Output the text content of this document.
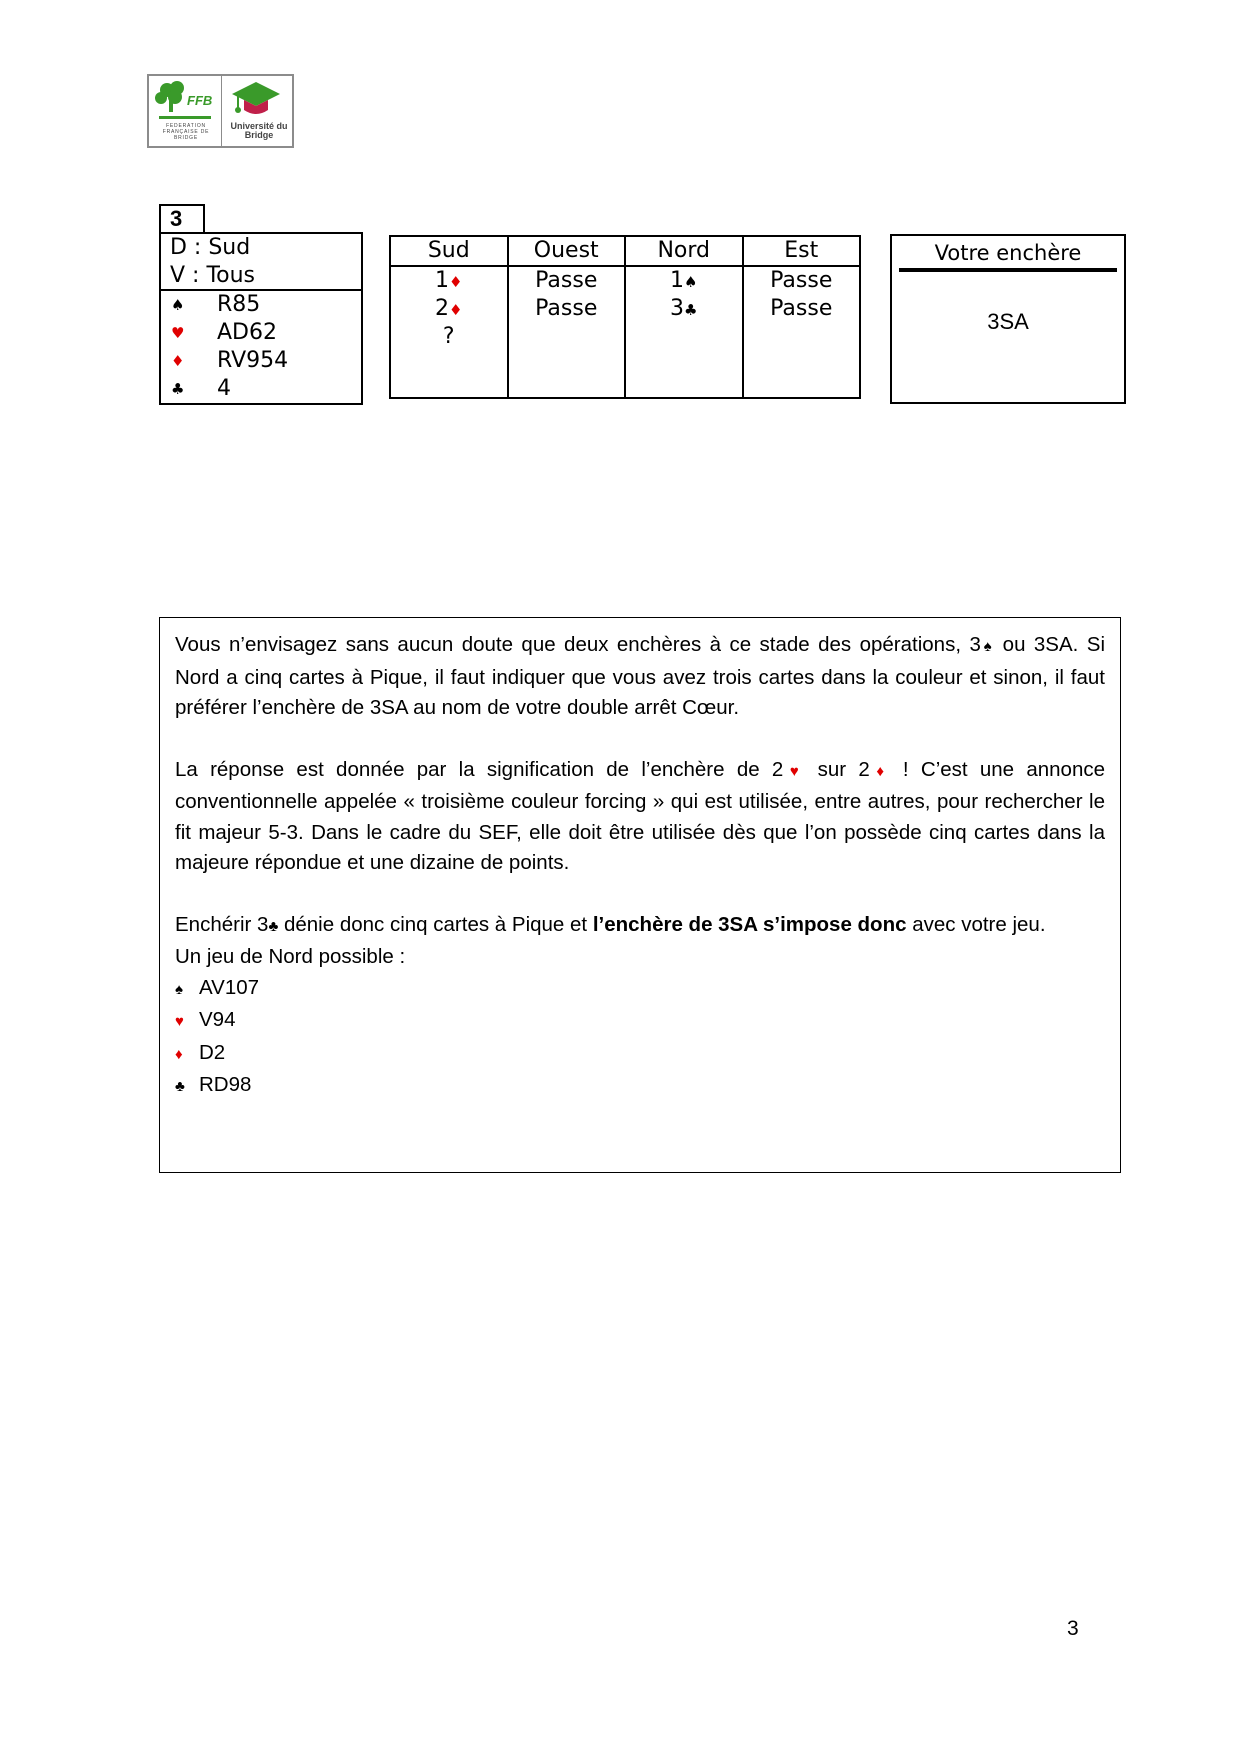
FFB
FEDERATION FRANÇAISE DE BRIDGE
Université du Bridge
3
D : Sud
V : Tous
♠ R85
♥ AD62
♦ RV954
♣ 4
Sud
1♦
2♦
?
Ouest
Passe
Passe
Nord
1♠
3♣
Est
Passe
Passe
Votre enchère
3SA

Vous n’envisagez sans aucun doute que deux enchères à ce stade des opérations, 3♠ ou 3SA. Si Nord a cinq cartes à Pique, il faut indiquer que vous avez trois cartes dans la couleur et sinon, il faut préférer l’enchère de 3SA au nom de votre double arrêt Cœur.

La réponse est donnée par la signification de l’enchère de 2♥ sur 2♦ ! C’est une annonce conventionnelle appelée « troisième couleur forcing » qui est utilisée, entre autres, pour rechercher le fit majeur 5-3. Dans le cadre du SEF, elle doit être utilisée dès que l’on possède cinq cartes dans la majeure répondue et une dizaine de points.

Enchérir 3♣ dénie donc cinq cartes à Pique et l’enchère de 3SA s’impose donc avec votre jeu.

Un jeu de Nord possible :

♠ AV107

♥ V94

♦ D2

♣ RD98

3
